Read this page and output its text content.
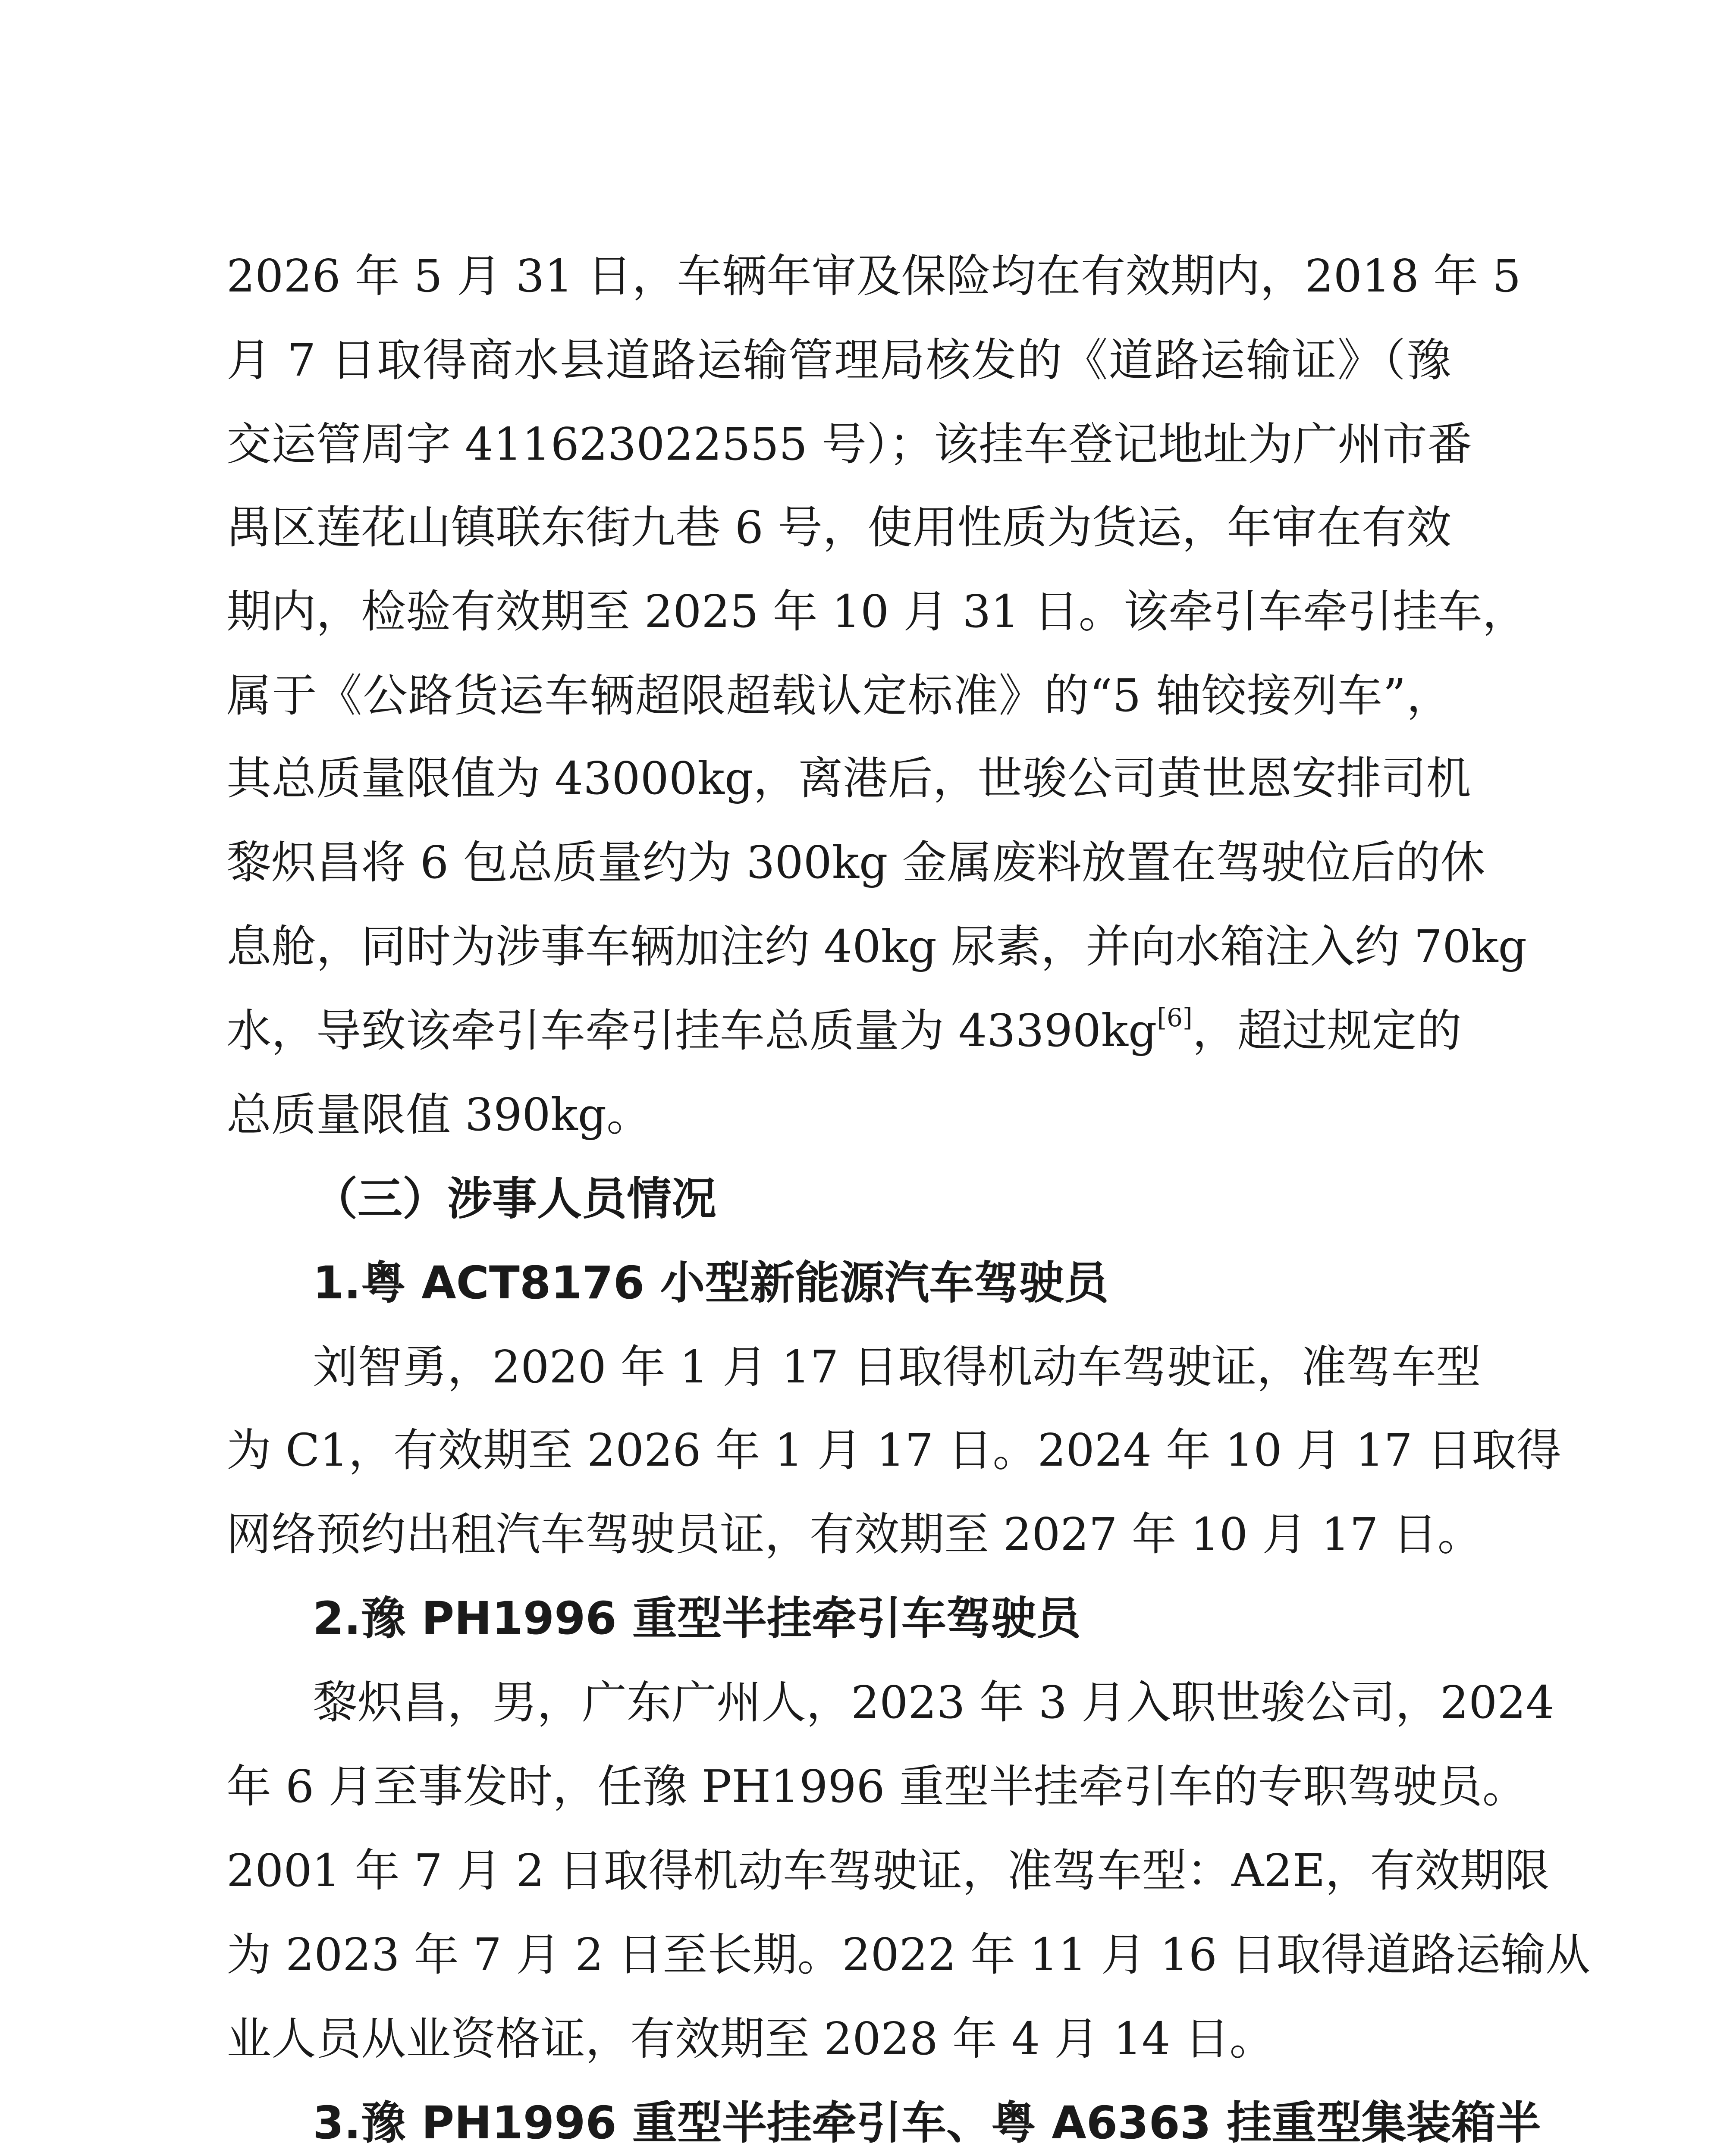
2026 年 5 月 31 日，车辆年审及保险均在有效期内，2018 年 5
月 7 日取得商水县道路运输管理局核发的《道路运输证》（豫
交运管周字 411623022555 号）；该挂车登记地址为广州市番
禺区莲花山镇联东街九巷 6 号，使用性质为货运，年审在有效
期内，检验有效期至 2025 年 10 月 31 日。该牵引车牵引挂车，
属于《公路货运车辆超限超载认定标准》的“5 轴铰接列车”，
其总质量限值为 43000kg，离港后，世骏公司黄世恩安排司机
黎炽昌将 6 包总质量约为 300kg 金属废料放置在驾驶位后的休
息舱，同时为涉事车辆加注约 40kg 尿素，并向水箱注入约 70kg
水，导致该牵引车牵引挂车总质量为 43390kg[6]，超过规定的
总质量限值 390kg。
（三）涉事人员情况
1.粤 ACT8176 小型新能源汽车驾驶员
刘智勇，2020 年 1 月 17 日取得机动车驾驶证，准驾车型
为 C1，有效期至 2026 年 1 月 17 日。2024 年 10 月 17 日取得
网络预约出租汽车驾驶员证，有效期至 2027 年 10 月 17 日。
2.豫 PH1996 重型半挂牵引车驾驶员
黎炽昌，男，广东广州人，2023 年 3 月入职世骏公司，2024
年 6 月至事发时，任豫 PH1996 重型半挂牵引车的专职驾驶员。
2001 年 7 月 2 日取得机动车驾驶证，准驾车型：A2E，有效期限
为 2023 年 7 月 2 日至长期。2022 年 11 月 16 日取得道路运输从
业人员从业资格证，有效期至 2028 年 4 月 14 日。
3.豫 PH1996 重型半挂牵引车、粤 A6363 挂重型集装箱半
